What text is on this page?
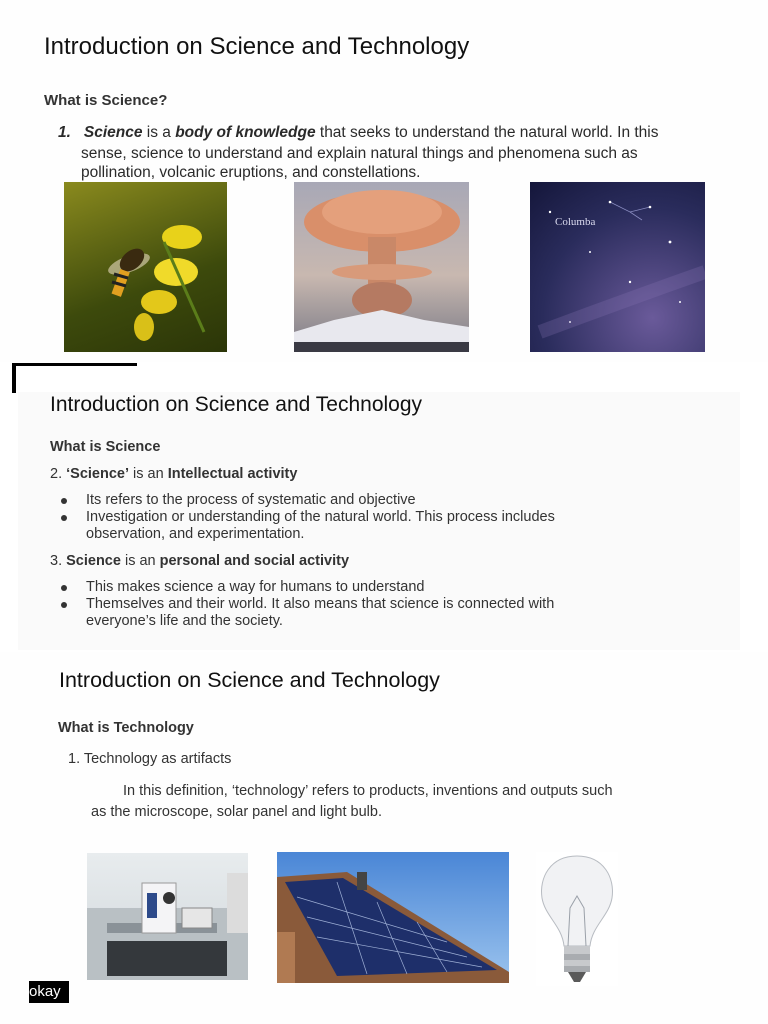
Introduction on Science and Technology
What is Science?
1. Science is a body of knowledge that seeks to understand the natural world. In this
sense, science to understand and explain natural things and phenomena such as
pollination, volcanic eruptions, and constellations.
Columba
Introduction on Science and Technology
What is Science
2. ‘Science’ is an Intellectual activity
Its refers to the process of systematic and objective
Investigation or understanding of the natural world. This process includes
observation, and experimentation.
3. Science is an personal and social activity
This makes science a way for humans to understand
Themselves and their world. It also means that science is connected with
everyone’s life and the society.
Introduction on Science and Technology
What is Technology
1. Technology as artifacts
In this definition, ‘technology’ refers to products, inventions and outputs such
as the microscope, solar panel and light bulb.
okay
